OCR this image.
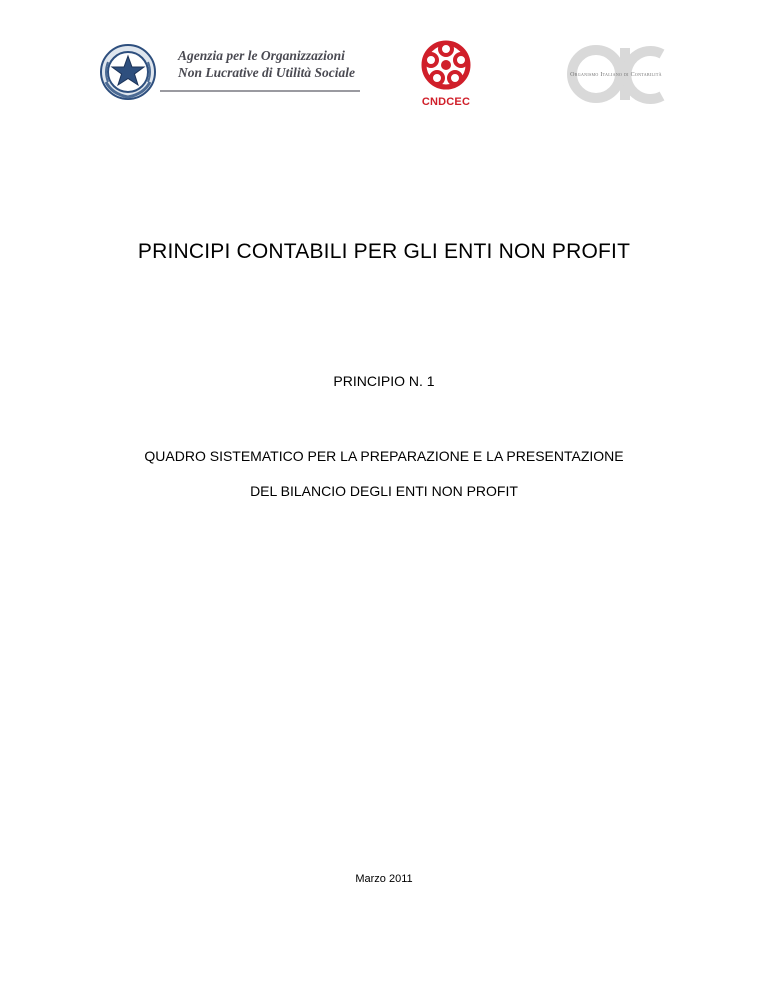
Agenzia per le Organizzazioni
Non Lucrative di Utilità Sociale
CNDCEC
Organismo Italiano di Contabilità
PRINCIPI CONTABILI PER GLI ENTI NON PROFIT
PRINCIPIO N. 1
QUADRO SISTEMATICO PER LA PREPARAZIONE E LA PRESENTAZIONE
DEL BILANCIO DEGLI ENTI NON PROFIT
Marzo 2011
